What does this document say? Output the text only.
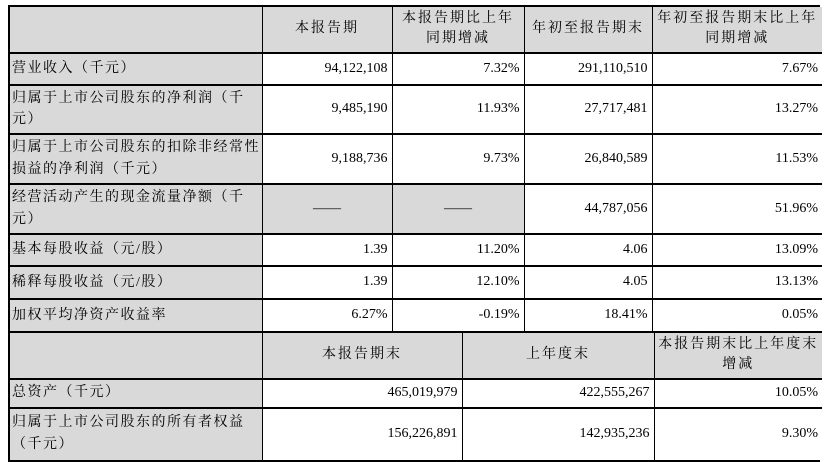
	本报告期	本报告期比上年同期增减	年初至报告期末	年初至报告期末比上年同期增减
营业收入（千元）	94,122,108	7.32%	291,110,510	7.67%
归属于上市公司股东的净利润（千元）	9,485,190	11.93%	27,717,481	13.27%
归属于上市公司股东的扣除非经常性损益的净利润（千元）	9,188,736	9.73%	26,840,589	11.53%
经营活动产生的现金流量净额（千元）	——	——	44,787,056	51.96%
基本每股收益（元/股）	1.39	11.20%	4.06	13.09%
稀释每股收益（元/股）	1.39	12.10%	4.05	13.13%
加权平均净资产收益率	6.27%	-0.19%	18.41%	0.05%
	本报告期末	上年度末	本报告期末比上年度末增减
总资产（千元）	465,019,979	422,555,267	10.05%
归属于上市公司股东的所有者权益（千元）	156,226,891	142,935,236	9.30%
